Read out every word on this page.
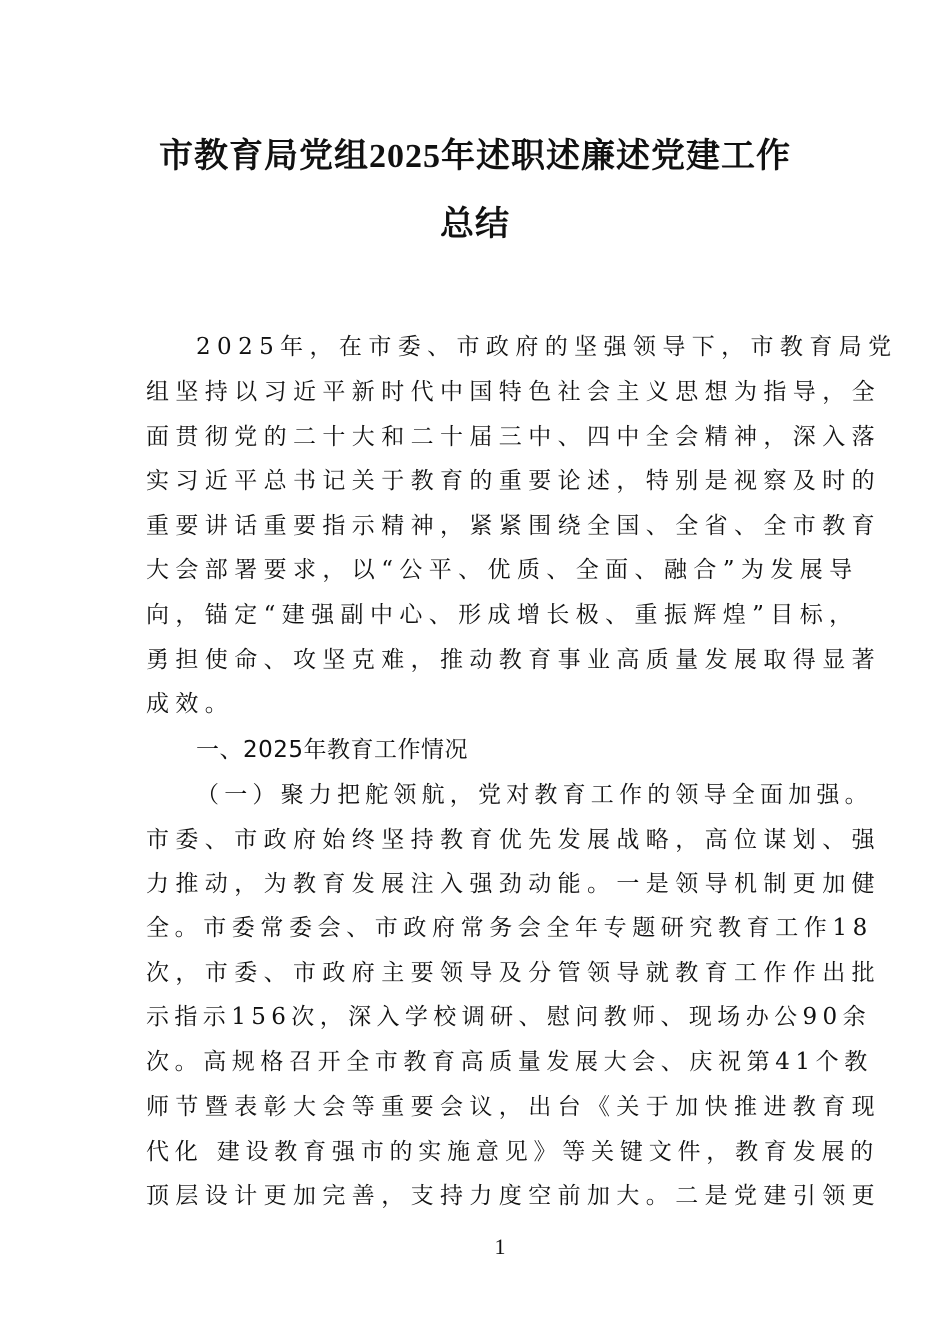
市教育局党组2025年述职述廉述党建工作
总结
2025年，在市委、市政府的坚强领导下，市教育局党
组坚持以习近平新时代中国特色社会主义思想为指导，全
面贯彻党的二十大和二十届三中、四中全会精神，深入落
实习近平总书记关于教育的重要论述，特别是视察及时的
重要讲话重要指示精神，紧紧围绕全国、全省、全市教育
大会部署要求，以“公平、优质、全面、融合”为发展导
向，锚定“建强副中心、形成增长极、重振辉煌”目标，
勇担使命、攻坚克难，推动教育事业高质量发展取得显著
成效。
一、2025年教育工作情况
（一）聚力把舵领航，党对教育工作的领导全面加强。
市委、市政府始终坚持教育优先发展战略，高位谋划、强
力推动，为教育发展注入强劲动能。一是领导机制更加健
全。市委常委会、市政府常务会全年专题研究教育工作18
次，市委、市政府主要领导及分管领导就教育工作作出批
示指示156次，深入学校调研、慰问教师、现场办公90余
次。高规格召开全市教育高质量发展大会、庆祝第41个教
师节暨表彰大会等重要会议，出台《关于加快推进教育现
代化 建设教育强市的实施意见》等关键文件，教育发展的
顶层设计更加完善，支持力度空前加大。二是党建引领更
1
